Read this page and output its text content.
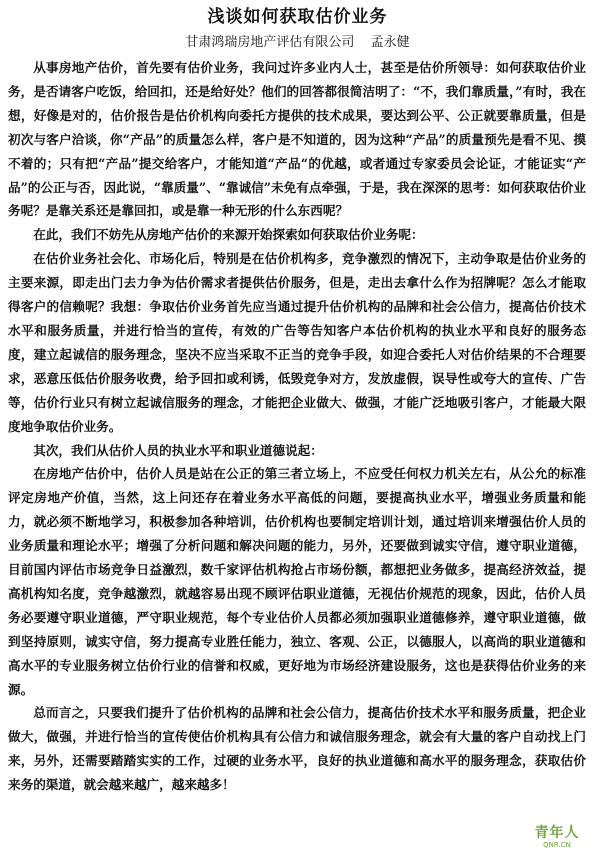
浅谈如何获取估价业务
甘肃鸿瑞房地产评估有限公司 孟永健

从事房地产估价，首先要有估价业务，我问过许多业内人士，甚至是估价所领导：如何获取估价业务，是否请客户吃饭，给回扣，还是给好处？他们的回答都很简洁明了：“不，我们靠质量，”有时，我在想，好像是对的，估价报告是估价机构向委托方提供的技术成果，要达到公平、公正就要靠质量，但是初次与客户洽谈，你“产品”的质量怎么样，客户是不知道的，因为这种“产品”的质量预先是看不见、摸不着的；只有把“产品”提交给客户，才能知道“产品“的优越，或者通过专家委员会论证，才能证实“产品”的公正与否，因此说，“靠质量”、“靠诚信”未免有点牵强，于是，我在深深的思考：如何获取估价业务呢？是靠关系还是靠回扣，或是靠一种无形的什么东西呢？

在此，我们不妨先从房地产估价的来源开始探索如何获取估价业务呢：

在估价业务社会化、市场化后，特别是在估价机构多，竞争激烈的情况下，主动争取是估价业务的主要来源，即走出门去力争为估价需求者提供估价服务，但是，走出去拿什么作为招牌呢？怎么才能取得客户的信赖呢？我想：争取估价业务首先应当通过提升估价机构的品牌和社会公信力，提高估价技术水平和服务质量，并进行恰当的宣传，有效的广告等告知客户本估价机构的执业水平和良好的服务态度，建立起诚信的服务理念，坚决不应当采取不正当的竞争手段，如迎合委托人对估价结果的不合理要求，恶意压低估价服务收费，给予回扣或利诱，低毁竞争对方，发放虚假，误导性或夸大的宣传、广告等，估价行业只有树立起诚信服务的理念，才能把企业做大、做强，才能广泛地吸引客户，才能最大限度地争取估价业务。

其次，我们从估价人员的执业水平和职业道德说起：

在房地产估价中，估价人员是站在公正的第三者立场上，不应受任何权力机关左右，从公允的标准评定房地产价值，当然，这上问还存在着业务水平高低的问题，要提高执业水平，增强业务质量和能力，就必须不断地学习，积极参加各种培训，估价机构也要制定培训计划，通过培训来增强估价人员的业务质量和理论水平；增强了分析问题和解决问题的能力，另外，还要做到诚实守信，遵守职业道德，目前国内评估市场竞争日益激烈，数千家评估机构抢占市场份额，都想把业务做多，提高经济效益，提高机构知名度，竞争越激烈，就越容易出现不顾评估职业道德，无视估价规范的现象，因此，估价人员务必要遵守职业道德，严守职业规范，每个专业估价人员都必须加强职业道德修养，遵守职业道德，做到坚持原则，诚实守信，努力提高专业胜任能力，独立、客观、公正，以德服人，以高尚的职业道德和高水平的专业服务树立估价行业的信誉和权威，更好地为市场经济建设服务，这也是获得估价业务的来源。

总而言之，只要我们提升了估价机构的品牌和社会公信力，提高估价技术水平和服务质量，把企业做大，做强，并进行恰当的宣传使估价机构具有公信力和诚信服务理念，就会有大量的客户自动找上门来，另外，还需要踏踏实实的工作，过硬的业务水平，良好的执业道德和高水平的服务理念，获取估价来务的渠道，就会越来越广，越来越多！

青年人
QNR.CN
